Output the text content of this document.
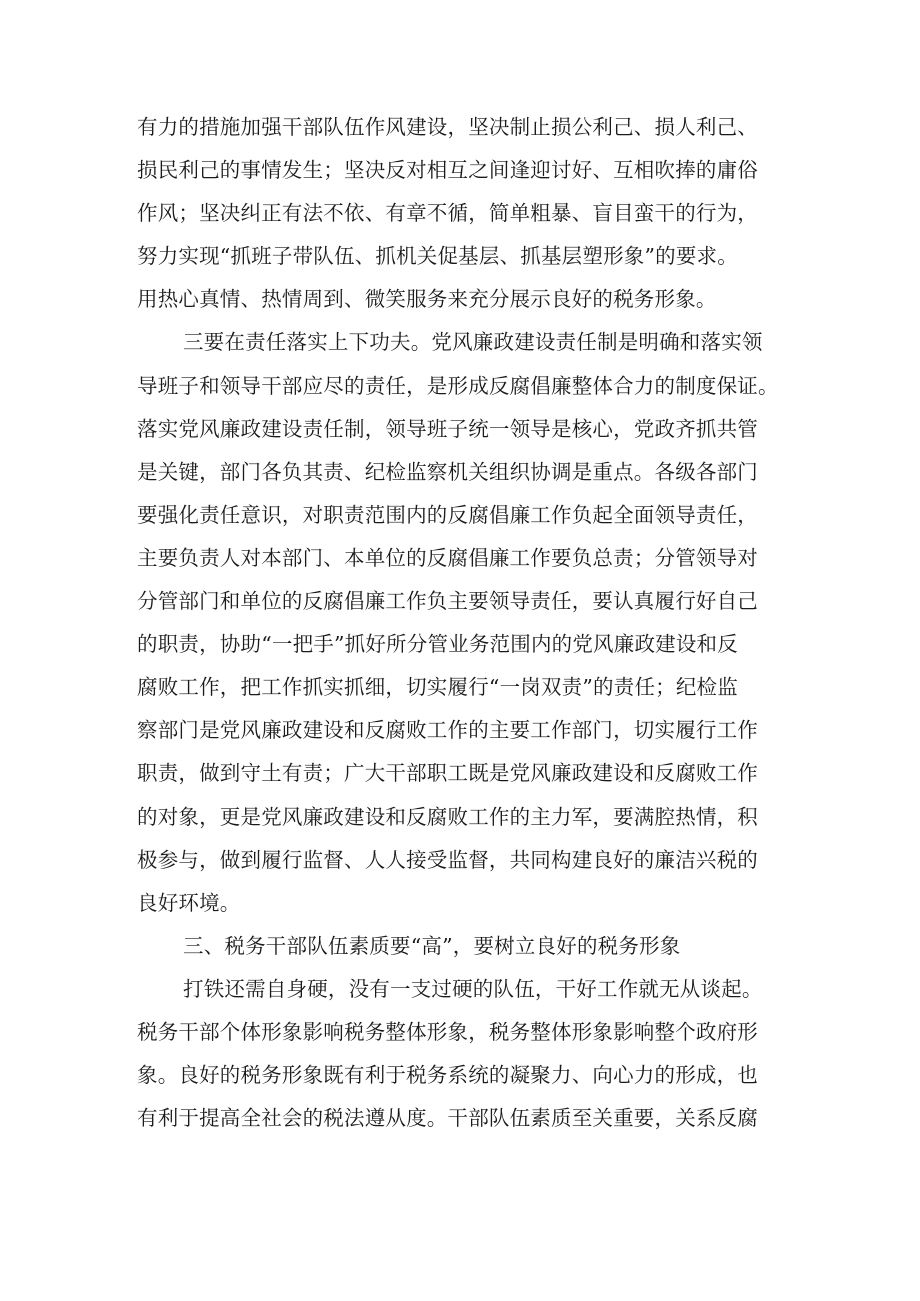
有力的措施加强干部队伍作风建设，坚决制止损公利己、损人利己、
损民利己的事情发生；坚决反对相互之间逢迎讨好、互相吹捧的庸俗
作风；坚决纠正有法不依、有章不循，简单粗暴、盲目蛮干的行为，
努力实现“抓班子带队伍、抓机关促基层、抓基层塑形象”的要求。
用热心真情、热情周到、微笑服务来充分展示良好的税务形象。
三要在责任落实上下功夫。党风廉政建设责任制是明确和落实领
导班子和领导干部应尽的责任，是形成反腐倡廉整体合力的制度保证。
落实党风廉政建设责任制，领导班子统一领导是核心，党政齐抓共管
是关键，部门各负其责、纪检监察机关组织协调是重点。各级各部门
要强化责任意识，对职责范围内的反腐倡廉工作负起全面领导责任，
主要负责人对本部门、本单位的反腐倡廉工作要负总责；分管领导对
分管部门和单位的反腐倡廉工作负主要领导责任，要认真履行好自己
的职责，协助“一把手”抓好所分管业务范围内的党风廉政建设和反
腐败工作，把工作抓实抓细，切实履行“一岗双责”的责任；纪检监
察部门是党风廉政建设和反腐败工作的主要工作部门，切实履行工作
职责，做到守土有责；广大干部职工既是党风廉政建设和反腐败工作
的对象，更是党风廉政建设和反腐败工作的主力军，要满腔热情，积
极参与，做到履行监督、人人接受监督，共同构建良好的廉洁兴税的
良好环境。
三、税务干部队伍素质要“高”，要树立良好的税务形象
打铁还需自身硬，没有一支过硬的队伍，干好工作就无从谈起。
税务干部个体形象影响税务整体形象，税务整体形象影响整个政府形
象。良好的税务形象既有利于税务系统的凝聚力、向心力的形成，也
有利于提高全社会的税法遵从度。干部队伍素质至关重要，关系反腐
